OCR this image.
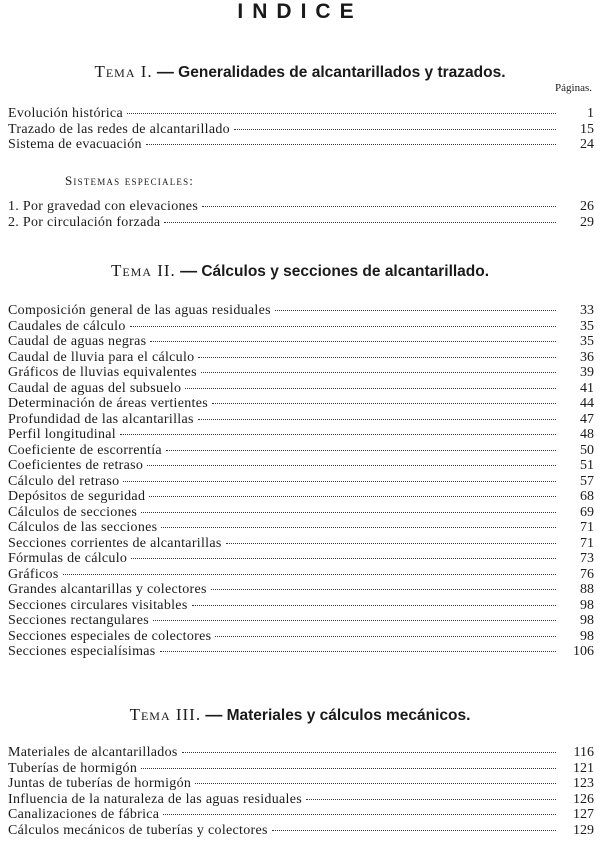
INDICE
Tema I. — Generalidades de alcantarillados y trazados.
Páginas.
Evolución histórica	1
Trazado de las redes de alcantarillado	15
Sistema de evacuación	24
Sistemas especiales:
1. Por gravedad con elevaciones	26
2. Por circulación forzada	29
Tema II. — Cálculos y secciones de alcantarillado.
Composición general de las aguas residuales	33
Caudales de cálculo	35
Caudal de aguas negras	35
Caudal de lluvia para el cálculo	36
Gráficos de lluvias equivalentes	39
Caudal de aguas del subsuelo	41
Determinación de áreas vertientes	44
Profundidad de las alcantarillas	47
Perfil longitudinal	48
Coeficiente de escorrentía	50
Coeficientes de retraso	51
Cálculo del retraso	57
Depósitos de seguridad	68
Cálculos de secciones	69
Cálculos de las secciones	71
Secciones corrientes de alcantarillas	71
Fórmulas de cálculo	73
Gráficos	76
Grandes alcantarillas y colectores	88
Secciones circulares visitables	98
Secciones rectangulares	98
Secciones especiales de colectores	98
Secciones especialísimas	106
Tema III. — Materiales y cálculos mecánicos.
Materiales de alcantarillados	116
Tuberías de hormigón	121
Juntas de tuberías de hormigón	123
Influencia de la naturaleza de las aguas residuales	126
Canalizaciones de fábrica	127
Cálculos mecánicos de tuberías y colectores	129
